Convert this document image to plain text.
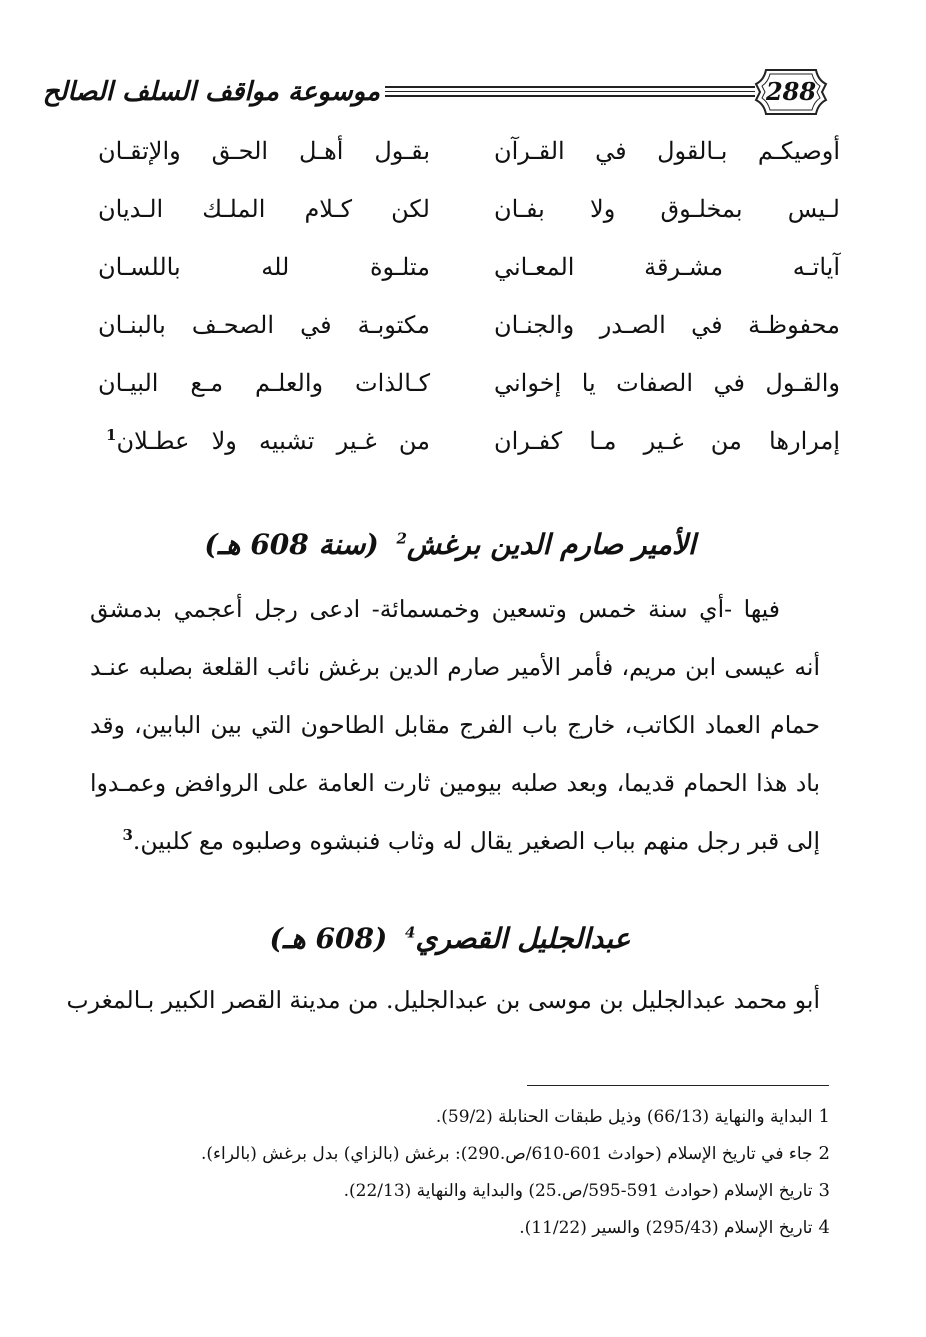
موسوعة مواقف السلف الصالح	288
أوصيكـم بـالقول في القـرآن
بقـول أهـل الحـق والإتقـان
لـيس بمخلـوق ولا بفـان
لكن كـلام الملـك الـديان
آياتـه مشـرقة المعـاني
متلـوة لله باللسـان
محفوظـة في الصـدر والجنـان
مكتوبـة في الصحـف بالبنـان
والقـول في الصفات يا إخواني
كـالذات والعلـم مـع البيـان
إمرارها من غـير مـا كفـران
من غـير تشبيه ولا عطـلان$^1$
الأمير صارم الدين برغش$^2$ (سنة 608 هـ)
فيها -أي سنة خمس وتسعين وخمسمائة- ادعى رجل أعجمي بدمشق
أنه عيسى ابن مريم، فأمر الأمير صارم الدين برغش نائب القلعة بصلبه عنـد
حمام العماد الكاتب، خارج باب الفرج مقابل الطاحون التي بين البابين، وقد
باد هذا الحمام قديما، وبعد صلبه بيومين ثارت العامة على الروافض وعمـدوا
إلى قبر رجل منهم بباب الصغير يقال له وثاب فنبشوه وصلبوه مع كلبين.$^3$
عبدالجليل القصري$^4$ (608 هـ)
أبو محمد عبدالجليل بن موسى بن عبدالجليل. من مدينة القصر الكبير بـالمغرب
1البداية والنهاية (66/13) وذيل طبقات الحنابلة (59/2).
2جاء في تاريخ الإسلام (حوادث 601-610/ص.290): برغش (بالزاي) بدل برغش (بالراء).
3تاريخ الإسلام (حوادث 591-595/ص.25) والبداية والنهاية (22/13).
4تاريخ الإسلام (295/43) والسير (11/22).
